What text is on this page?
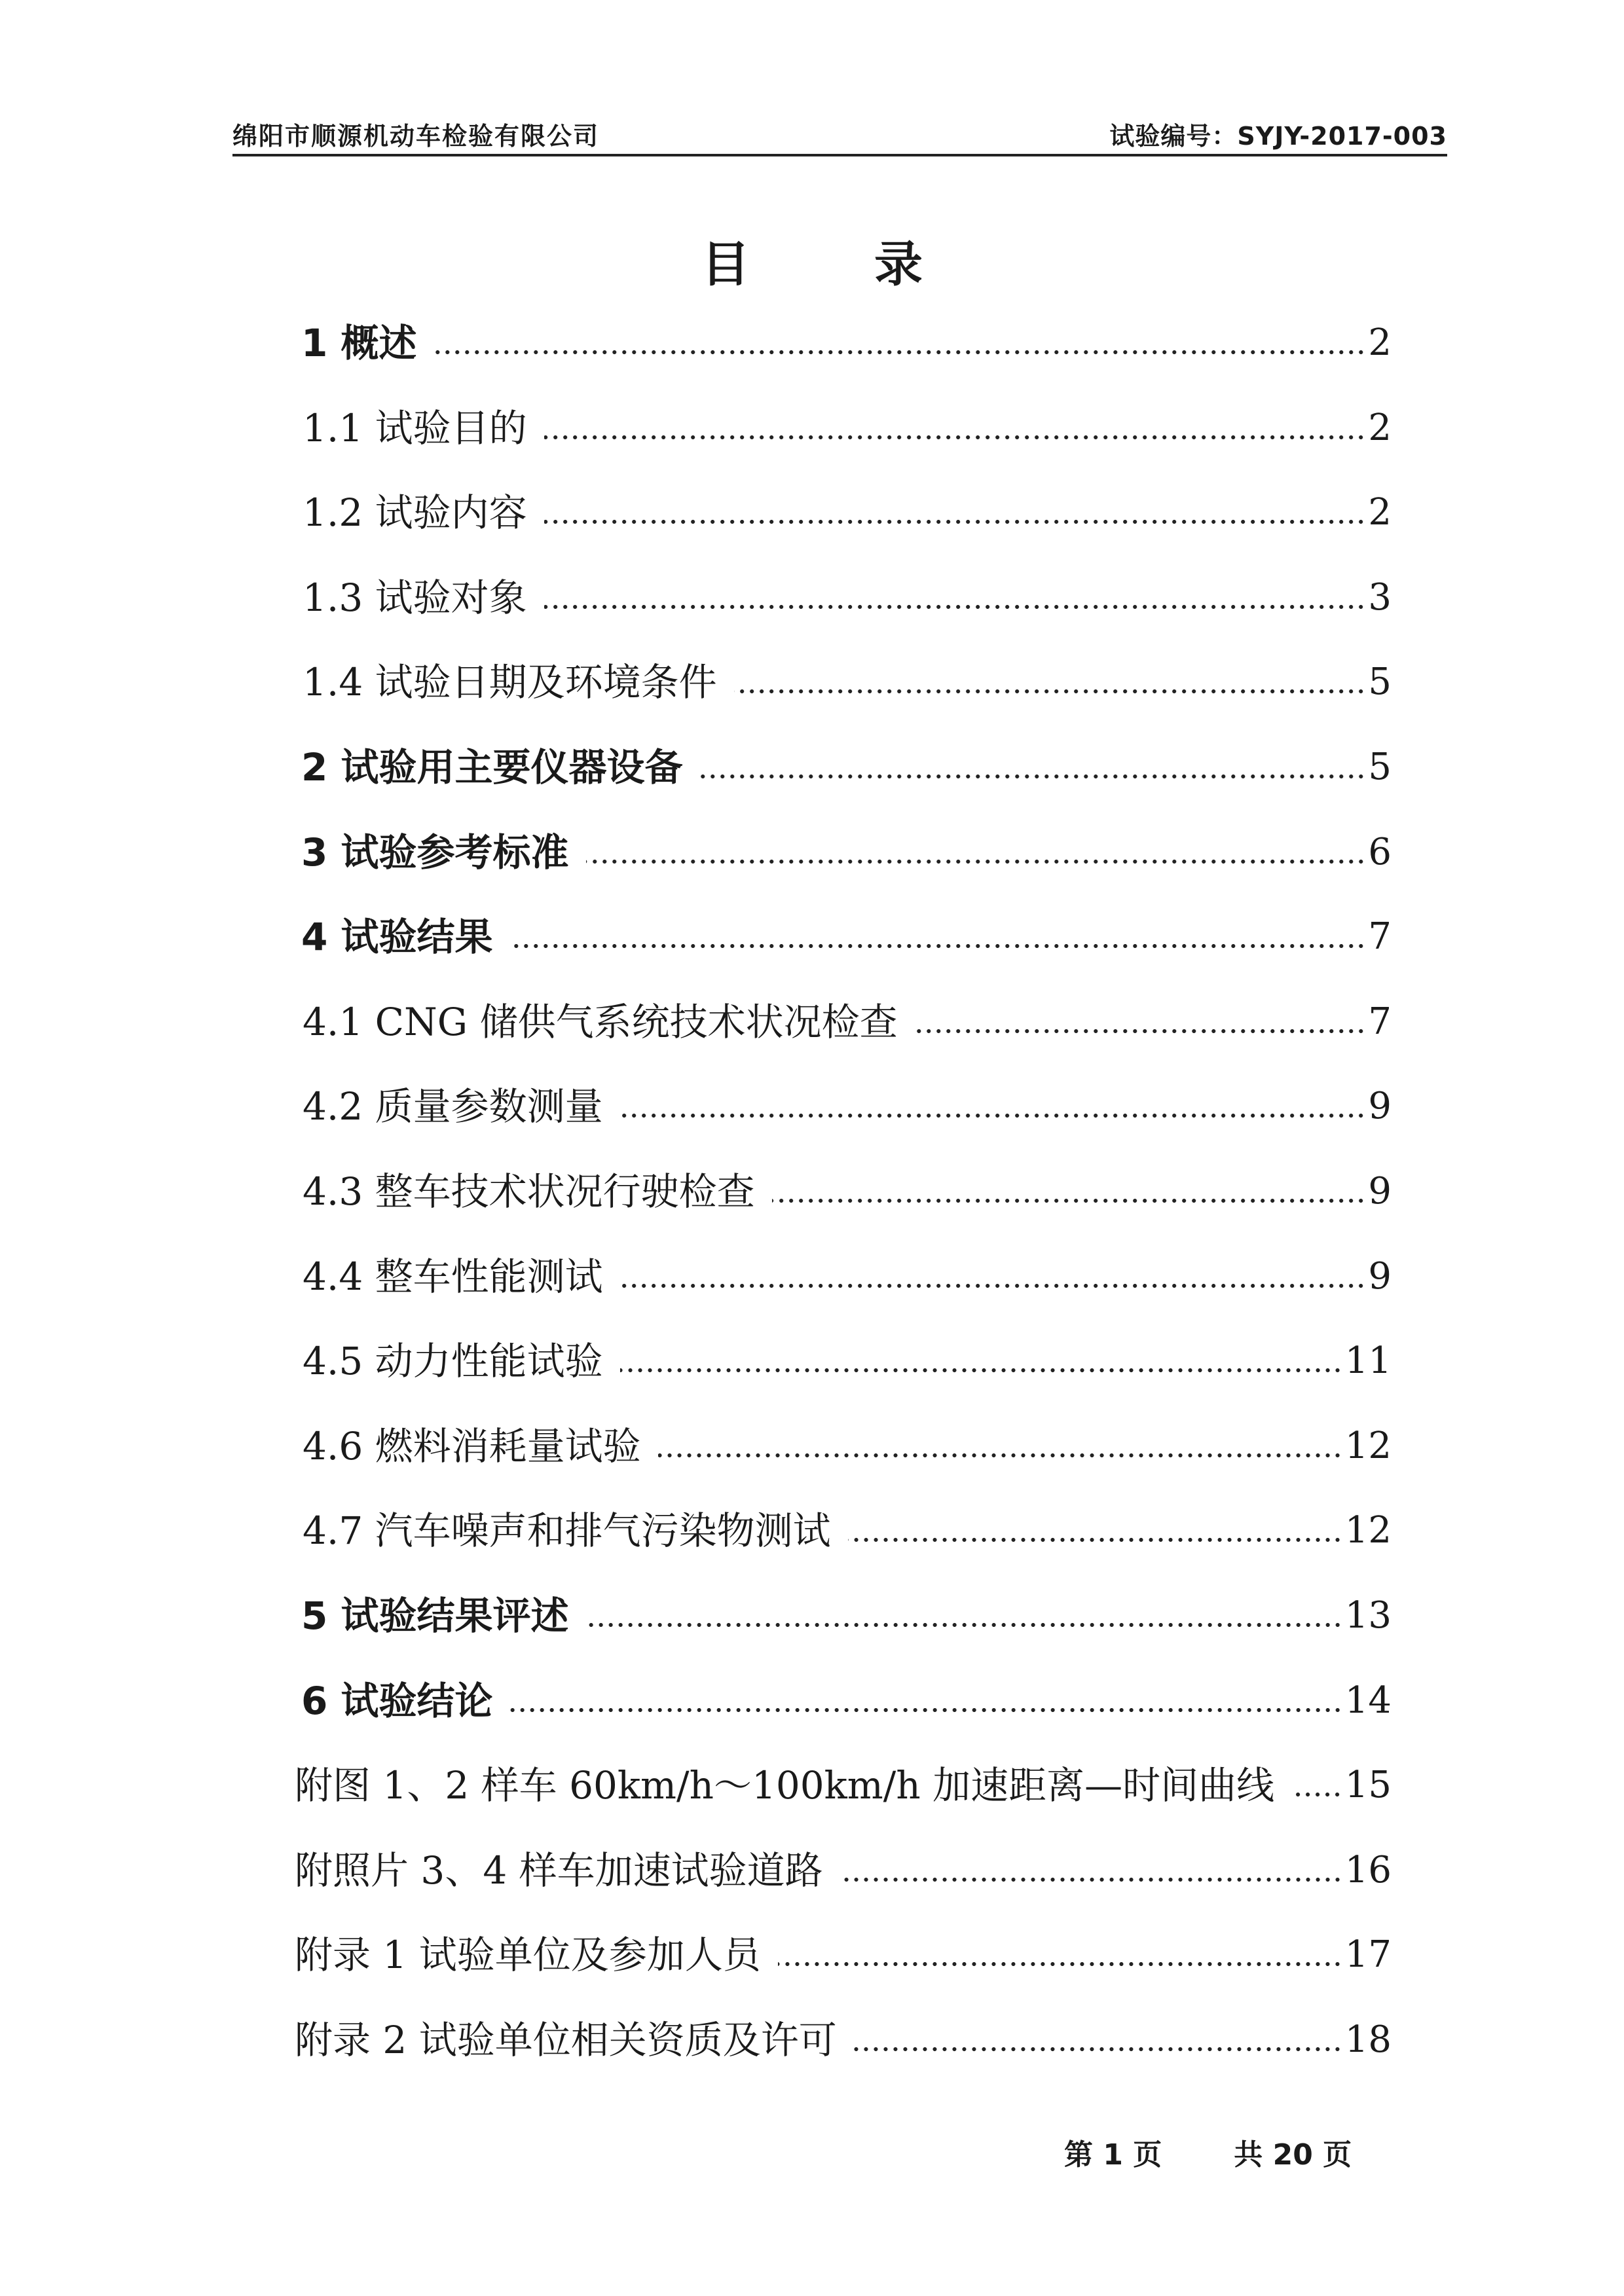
绵阳市顺源机动车检验有限公司	试验编号：SYJY-2017-003
目	录
1 概述	2
1.1 试验目的	2
1.2 试验内容	2
1.3 试验对象	3
1.4 试验日期及环境条件	5
2 试验用主要仪器设备	5
3 试验参考标准	6
4 试验结果	7
4.1 CNG 储供气系统技术状况检查	7
4.2 质量参数测量	9
4.3 整车技术状况行驶检查	9
4.4 整车性能测试	9
4.5 动力性能试验	11
4.6 燃料消耗量试验	12
4.7 汽车噪声和排气污染物测试	12
5 试验结果评述	13
6 试验结论	14
附图 1、2 样车 60km/h～100km/h 加速距离—时间曲线 15
附照片 3、4 样车加速试验道路	16
附录 1 试验单位及参加人员	17
附录 2 试验单位相关资质及许可	18
第 1 页	共 20 页
